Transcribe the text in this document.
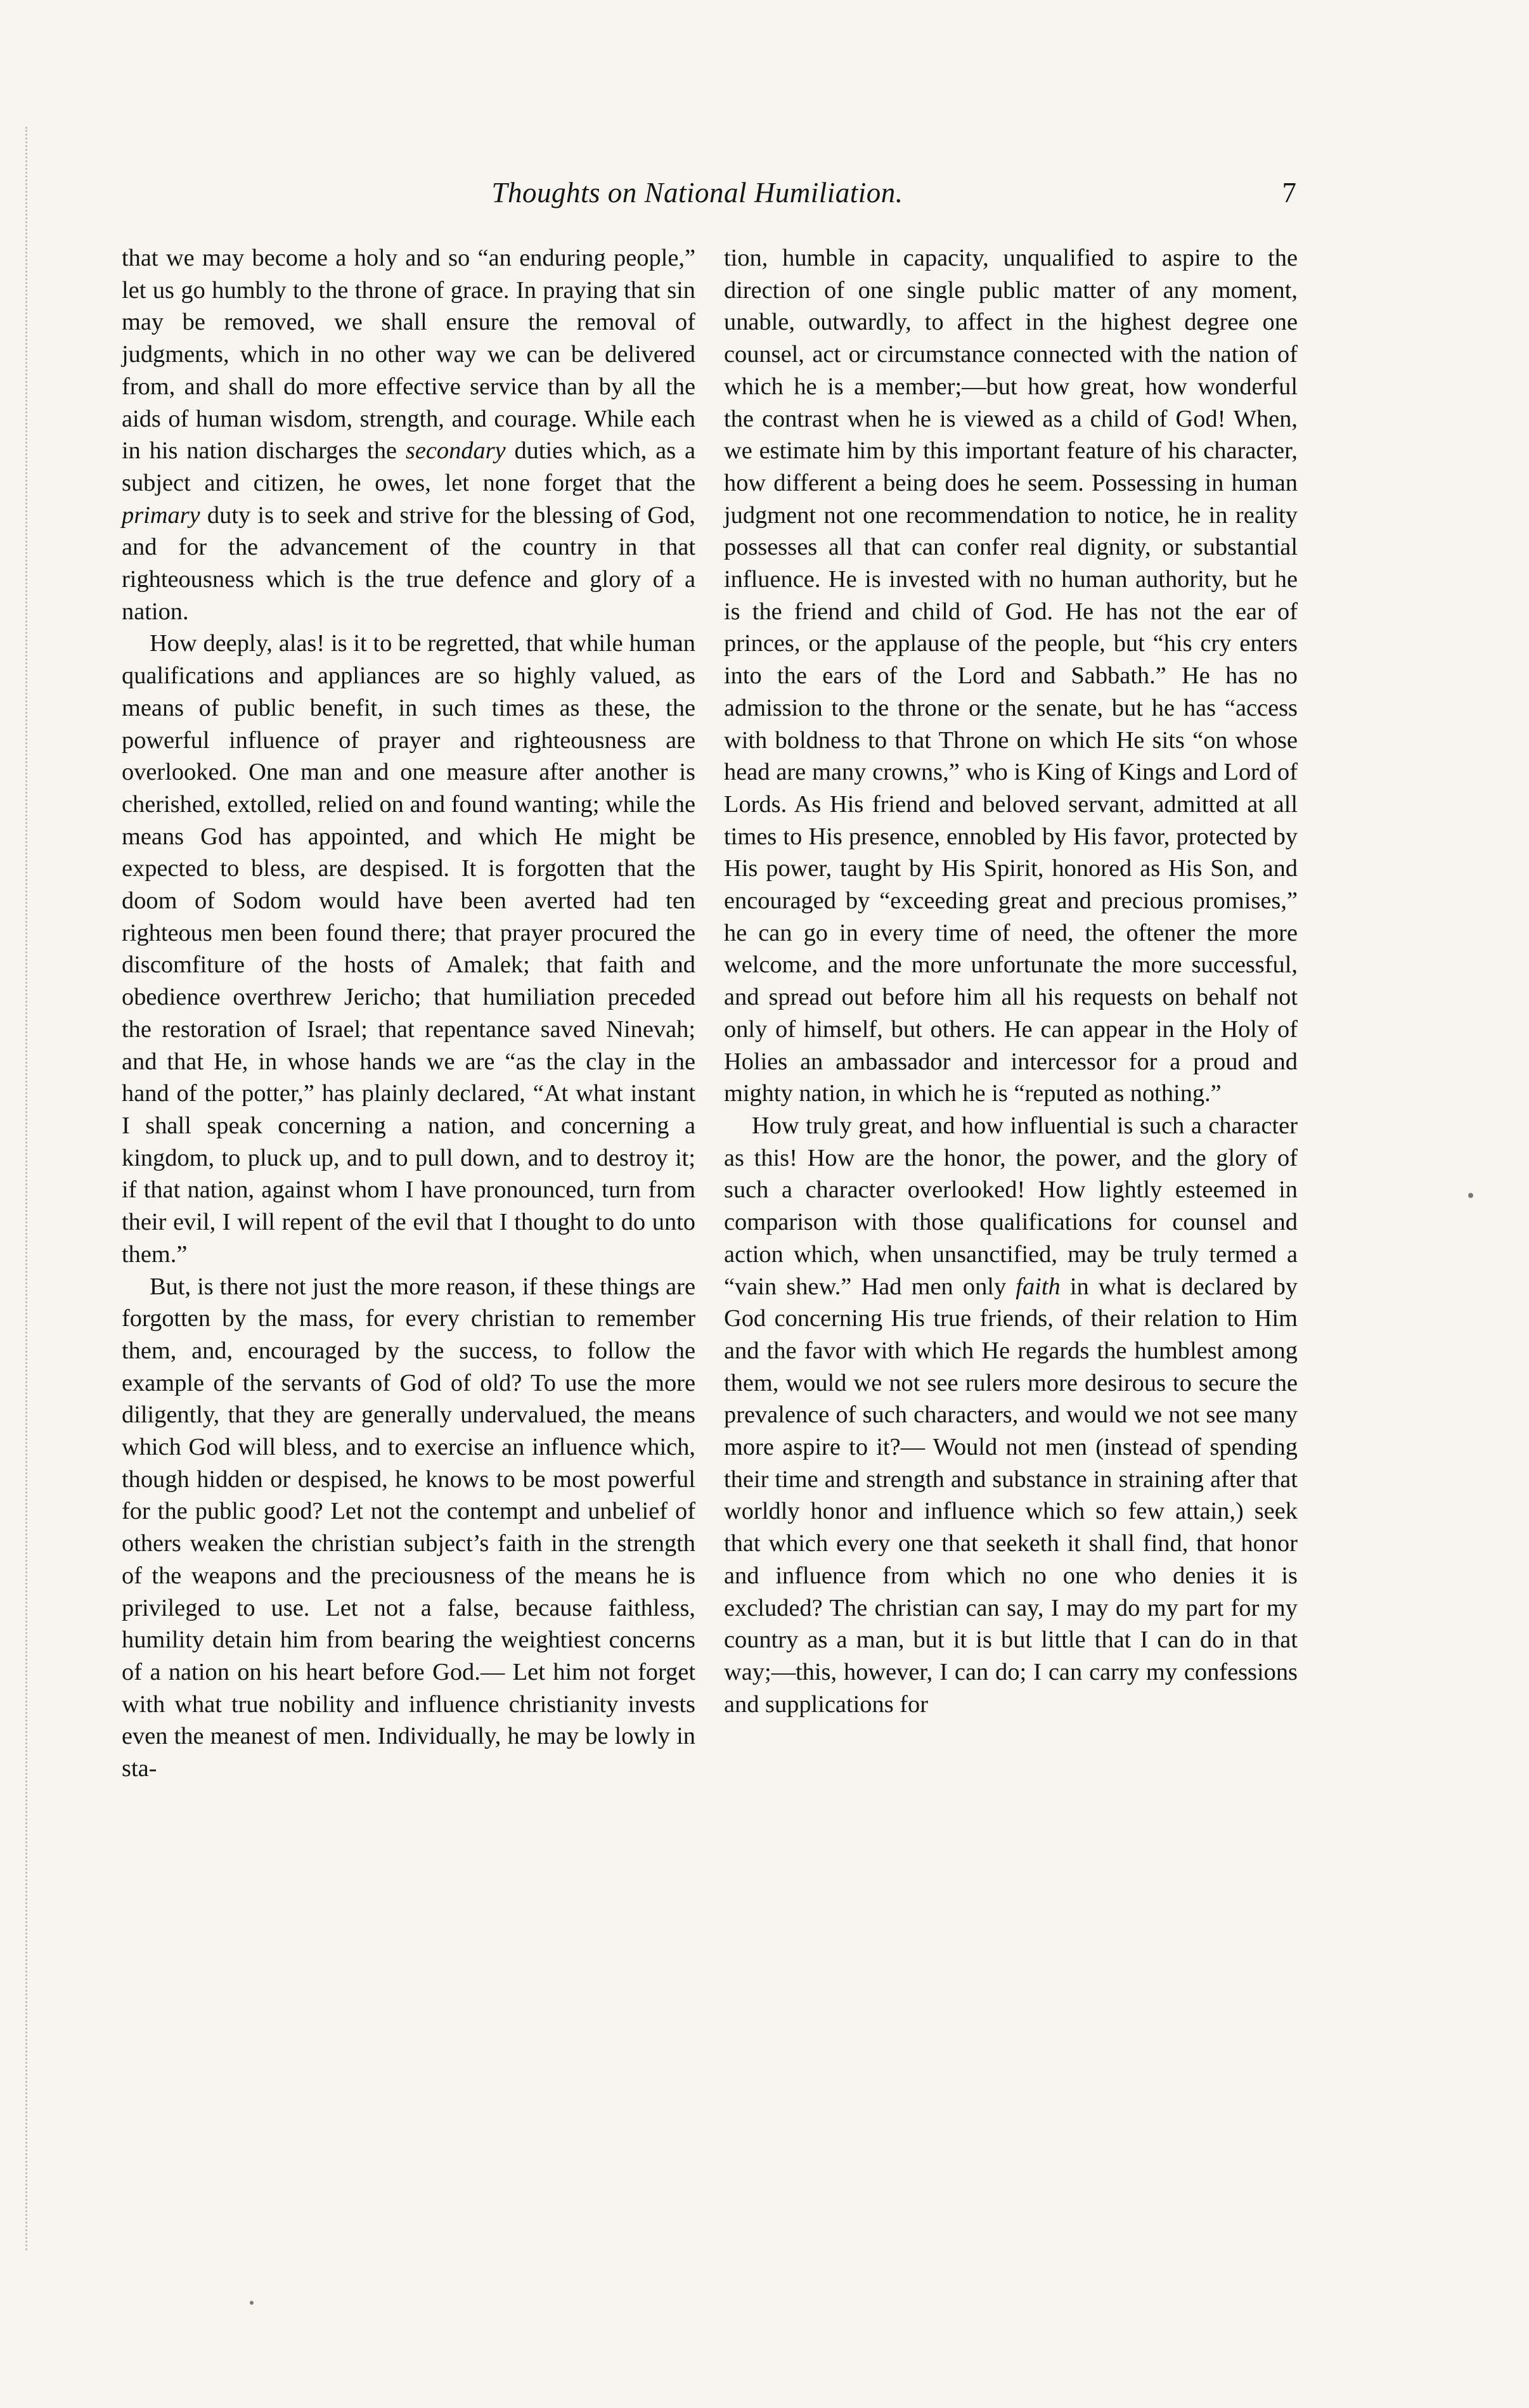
Thoughts on National Humiliation.	7

that we may become a holy and so “an enduring people,” let us go humbly to the throne of grace. In praying that sin may be removed, we shall ensure the removal of judgments, which in no other way we can be delivered from, and shall do more effective service than by all the aids of human wisdom, strength, and courage. While each in his nation discharges the secondary duties which, as a subject and citizen, he owes, let none forget that the primary duty is to seek and strive for the blessing of God, and for the advancement of the country in that righteousness which is the true defence and glory of a nation.

How deeply, alas! is it to be regretted, that while human qualifications and appliances are so highly valued, as means of public benefit, in such times as these, the powerful influence of prayer and righteousness are overlooked. One man and one measure after another is cherished, extolled, relied on and found wanting; while the means God has appointed, and which He might be expected to bless, are despised. It is forgotten that the doom of Sodom would have been averted had ten righteous men been found there; that prayer procured the discomfiture of the hosts of Amalek; that faith and obedience overthrew Jericho; that humiliation preceded the restoration of Israel; that repentance saved Ninevah; and that He, in whose hands we are “as the clay in the hand of the potter,” has plainly declared, “At what instant I shall speak concerning a nation, and concerning a kingdom, to pluck up, and to pull down, and to destroy it; if that nation, against whom I have pronounced, turn from their evil, I will repent of the evil that I thought to do unto them.”

But, is there not just the more reason, if these things are forgotten by the mass, for every christian to remember them, and, encouraged by the success, to follow the example of the servants of God of old? To use the more diligently, that they are generally undervalued, the means which God will bless, and to exercise an influence which, though hidden or despised, he knows to be most powerful for the public good? Let not the contempt and unbelief of others weaken the christian subject’s faith in the strength of the weapons and the preciousness of the means he is privileged to use. Let not a false, because faithless, humility detain him from bearing the weightiest concerns of a nation on his heart before God.— Let him not forget with what true nobility and influence christianity invests even the meanest of men. Individually, he may be lowly in sta-

tion, humble in capacity, unqualified to aspire to the direction of one single public matter of any moment, unable, outwardly, to affect in the highest degree one counsel, act or circumstance connected with the nation of which he is a member;—but how great, how wonderful the contrast when he is viewed as a child of God! When, we estimate him by this important feature of his character, how different a being does he seem. Possessing in human judgment not one recommendation to notice, he in reality possesses all that can confer real dignity, or substantial influence. He is invested with no human authority, but he is the friend and child of God. He has not the ear of princes, or the applause of the people, but “his cry enters into the ears of the Lord and Sabbath.” He has no admission to the throne or the senate, but he has “access with boldness to that Throne on which He sits “on whose head are many crowns,” who is King of Kings and Lord of Lords. As His friend and beloved servant, admitted at all times to His presence, ennobled by His favor, protected by His power, taught by His Spirit, honored as His Son, and encouraged by “exceeding great and precious promises,” he can go in every time of need, the oftener the more welcome, and the more unfortunate the more successful, and spread out before him all his requests on behalf not only of himself, but others. He can appear in the Holy of Holies an ambassador and intercessor for a proud and mighty nation, in which he is “reputed as nothing.”

How truly great, and how influential is such a character as this! How are the honor, the power, and the glory of such a character overlooked! How lightly esteemed in comparison with those qualifications for counsel and action which, when unsanctified, may be truly termed a “vain shew.” Had men only faith in what is declared by God concerning His true friends, of their relation to Him and the favor with which He regards the humblest among them, would we not see rulers more desirous to secure the prevalence of such characters, and would we not see many more aspire to it?— Would not men (instead of spending their time and strength and substance in straining after that worldly honor and influence which so few attain,) seek that which every one that seeketh it shall find, that honor and influence from which no one who denies it is excluded? The christian can say, I may do my part for my country as a man, but it is but little that I can do in that way;—this, however, I can do; I can carry my confessions and supplications for
